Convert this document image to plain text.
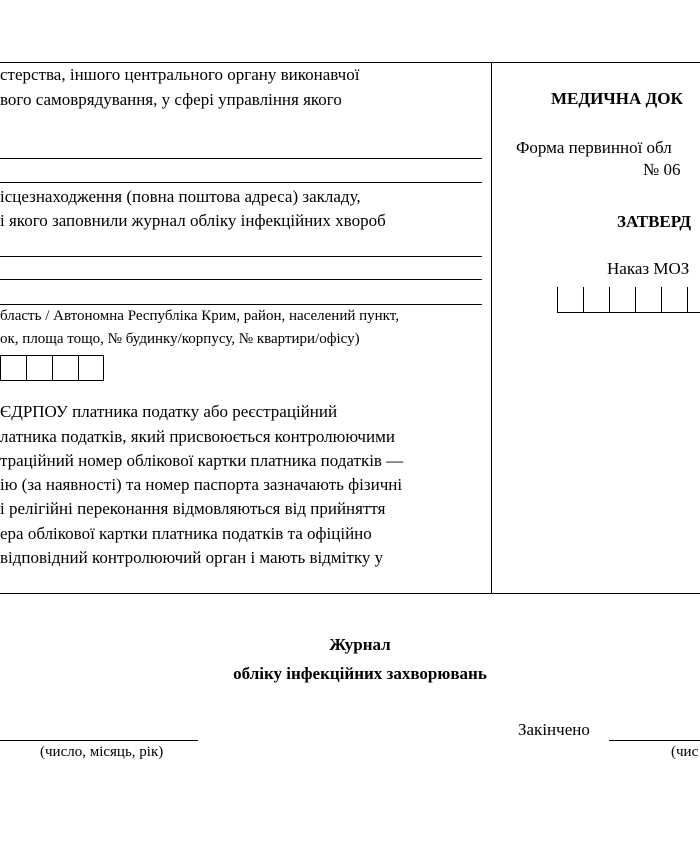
стерства, іншого центрального органу виконавчої
вого самоврядування, у сфері управління якого
ісцезнаходження (повна поштова адреса) закладу,
і якого заповнили журнал обліку інфекційних хвороб
бласть / Автономна Республіка Крим, район, населений пункт,
ок, площа тощо, № будинку/корпусу, № квартири/офісу)
ЄДРПОУ платника податку або реєстраційний
латника податків, який присвоюється контролюючими
траційний номер облікової картки платника податків —
ію (за наявності) та номер паспорта зазначають фізичні
і релігійні переконання відмовляються від прийняття
ера облікової картки платника податків та офіційно
відповідний контролюючий орган і мають відмітку у
МЕДИЧНА ДОК
Форма первинної обл
№ 06
ЗАТВЕРД
Наказ МОЗ
Журнал
обліку інфекційних захворювань
(число, місяць, рік)
Закінчено
(чис
